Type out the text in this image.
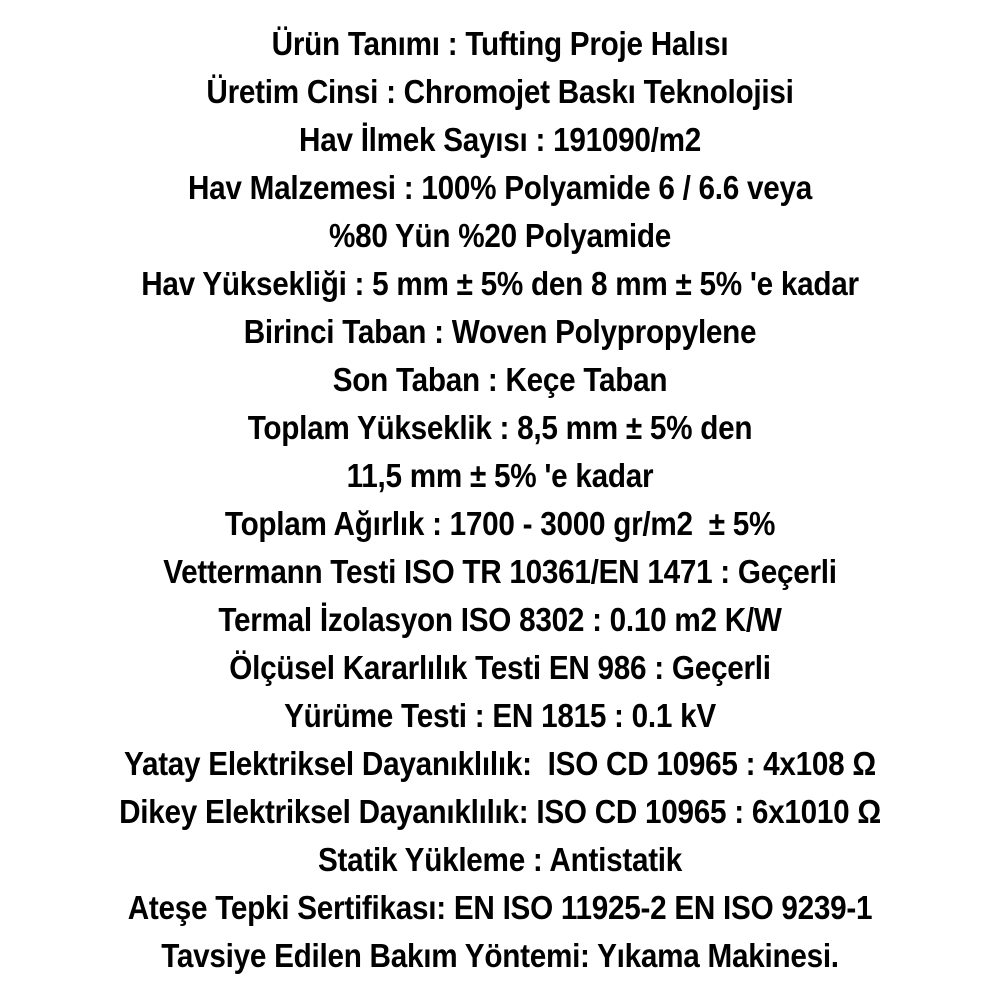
Ürün Tanımı : Tufting Proje Halısı
Üretim Cinsi : Chromojet Baskı Teknolojisi
Hav İlmek Sayısı : 191090/m2
Hav Malzemesi : 100% Polyamide 6 / 6.6 veya
%80 Yün %20 Polyamide
Hav Yüksekliği : 5 mm ± 5% den 8 mm ± 5% 'e kadar
Birinci Taban : Woven Polypropylene
Son Taban : Keçe Taban
Toplam Yükseklik : 8,5 mm ± 5% den
11,5 mm ± 5% 'e kadar
Toplam Ağırlık : 1700 - 3000 gr/m2  ± 5%
Vettermann Testi ISO TR 10361/EN 1471 : Geçerli
Termal İzolasyon ISO 8302 : 0.10 m2 K/W
Ölçüsel Kararlılık Testi EN 986 : Geçerli
Yürüme Testi : EN 1815 : 0.1 kV
Yatay Elektriksel Dayanıklılık:  ISO CD 10965 : 4x108 Ω
Dikey Elektriksel Dayanıklılık: ISO CD 10965 : 6x1010 Ω
Statik Yükleme : Antistatik
Ateşe Tepki Sertifikası: EN ISO 11925-2 EN ISO 9239-1
Tavsiye Edilen Bakım Yöntemi: Yıkama Makinesi.
